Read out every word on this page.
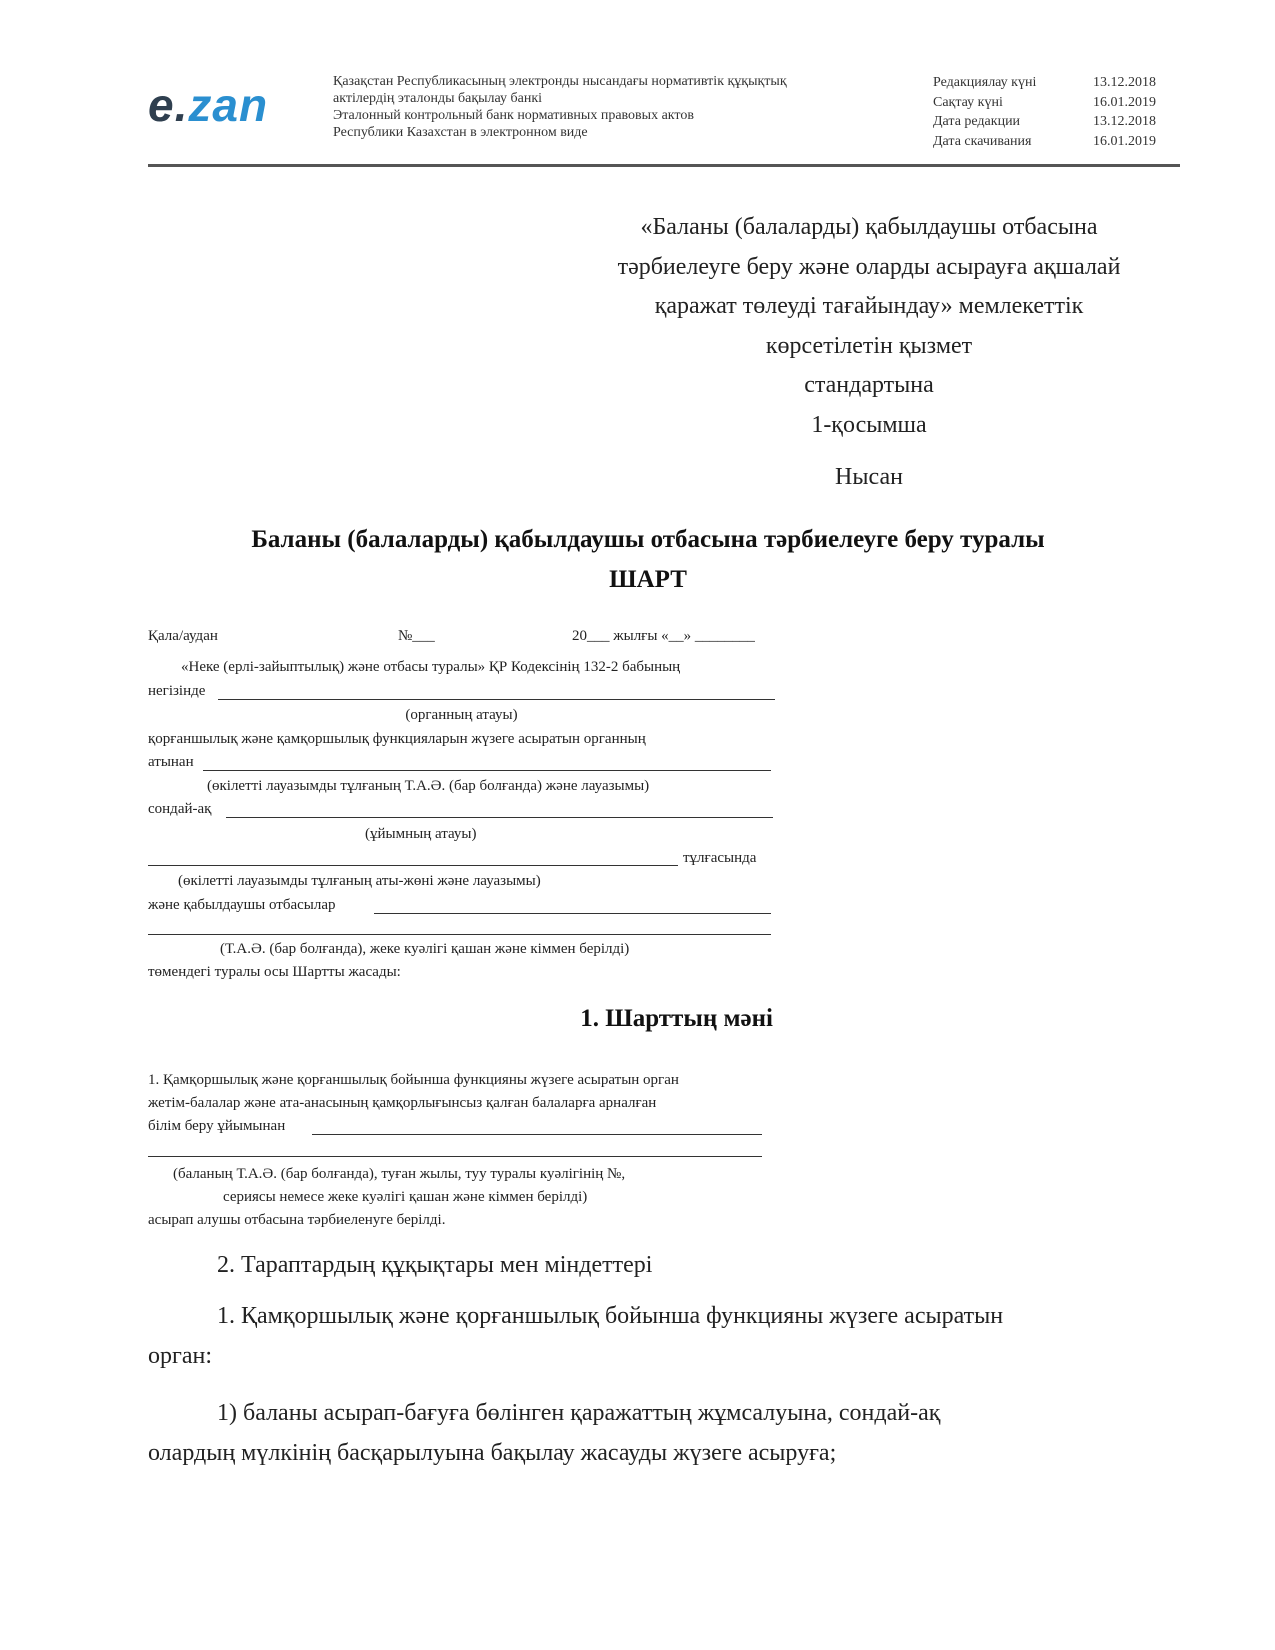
e.zan	Қазақстан Республикасының электронды нысандағы нормативтік құқықтық
актілердің эталонды бақылау банкі
Эталонный контрольный банк нормативных правовых актов
Республики Казахстан в электронном виде
Редакциялау күні	13.12.2018
Сақтау күні	16.01.2019
Дата редакции	13.12.2018
Дата скачивания	16.01.2019
«Баланы (балаларды) қабылдаушы отбасына
тәрбиелеуге беру және оларды асырауға ақшалай
қаражат төлеуді тағайындау» мемлекеттік
көрсетілетін қызмет
стандартына
1-қосымша
Нысан
Баланы (балаларды) қабылдаушы отбасына тәрбиелеуге беру туралы
ШАРТ
Қала/аудан	№___	20___ жылғы «__» ________
«Неке (ерлі-зайыптылық) және отбасы туралы» ҚР Кодексінің 132-2 бабының
негізінде
(органның атауы)
қорғаншылық және қамқоршылық функцияларын жүзеге асыратын органның
атынан
(өкілетті лауазымды тұлғаның Т.А.Ә. (бар болғанда) және лауазымы)
сондай-ақ
(ұйымның атауы)
тұлғасында
(өкілетті лауазымды тұлғаның аты-жөні және лауазымы)
және қабылдаушы отбасылар
(Т.А.Ә. (бар болғанда), жеке куәлігі қашан және кіммен берілді)
төмендегі туралы осы Шартты жасады:
1. Шарттың мәні
1. Қамқоршылық және қорғаншылық бойынша функцияны жүзеге асыратын орган
жетім-балалар және ата-анасының қамқорлығынсыз қалған балаларға арналған
білім беру ұйымынан
(баланың Т.А.Ә. (бар болғанда), туған жылы, туу туралы куәлігінің №,
сериясы немесе жеке куәлігі қашан және кіммен берілді)
асырап алушы отбасына тәрбиеленуге берілді.
2. Тараптардың құқықтары мен міндеттері
1. Қамқоршылық және қорғаншылық бойынша функцияны жүзеге асыратын
орган:
1) баланы асырап-бағуға бөлінген қаражаттың жұмсалуына, сондай-ақ
олардың мүлкінің басқарылуына бақылау жасауды жүзеге асыруға;
